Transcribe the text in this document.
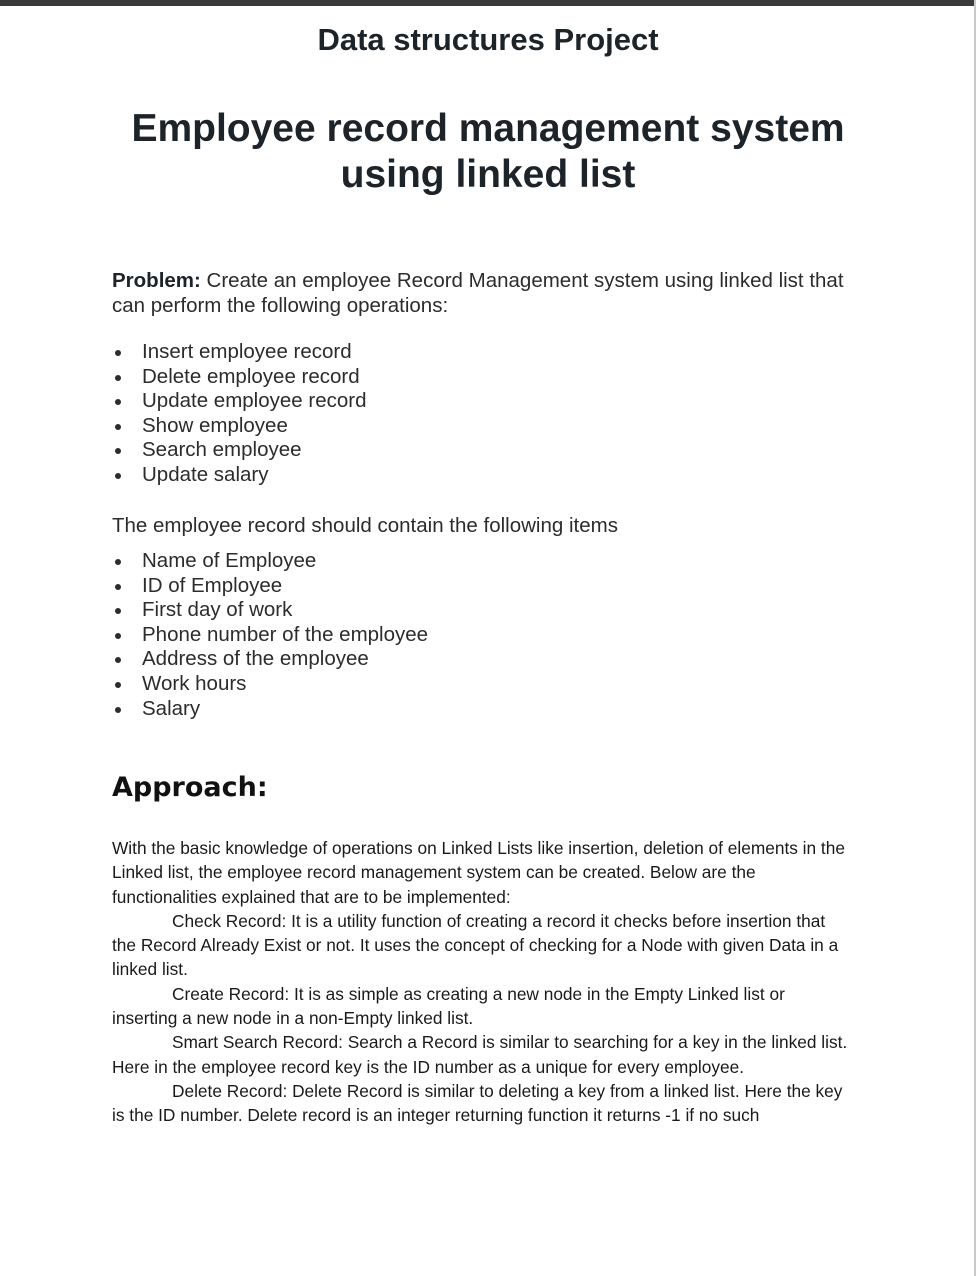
Data structures Project
Employee record management system
using linked list

Problem: Create an employee Record Management system using linked list that can perform the following operations:

Insert employee record
Delete employee record
Update employee record
Show employee
Search employee
Update salary

The employee record should contain the following items

Name of Employee
ID of Employee
First day of work
Phone number of the employee
Address of the employee
Work hours
Salary
Approach:

With the basic knowledge of operations on Linked Lists like insertion, deletion of elements in the Linked list, the employee record management system can be created. Below are the functionalities explained that are to be implemented:

Check Record: It is a utility function of creating a record it checks before insertion that the Record Already Exist or not. It uses the concept of checking for a Node with given Data in a linked list.

Create Record: It is as simple as creating a new node in the Empty Linked list or inserting a new node in a non-Empty linked list.

Smart Search Record: Search a Record is similar to searching for a key in the linked list. Here in the employee record key is the ID number as a unique for every employee.

Delete Record: Delete Record is similar to deleting a key from a linked list. Here the key is the ID number. Delete record is an integer returning function it returns -1 if no such
